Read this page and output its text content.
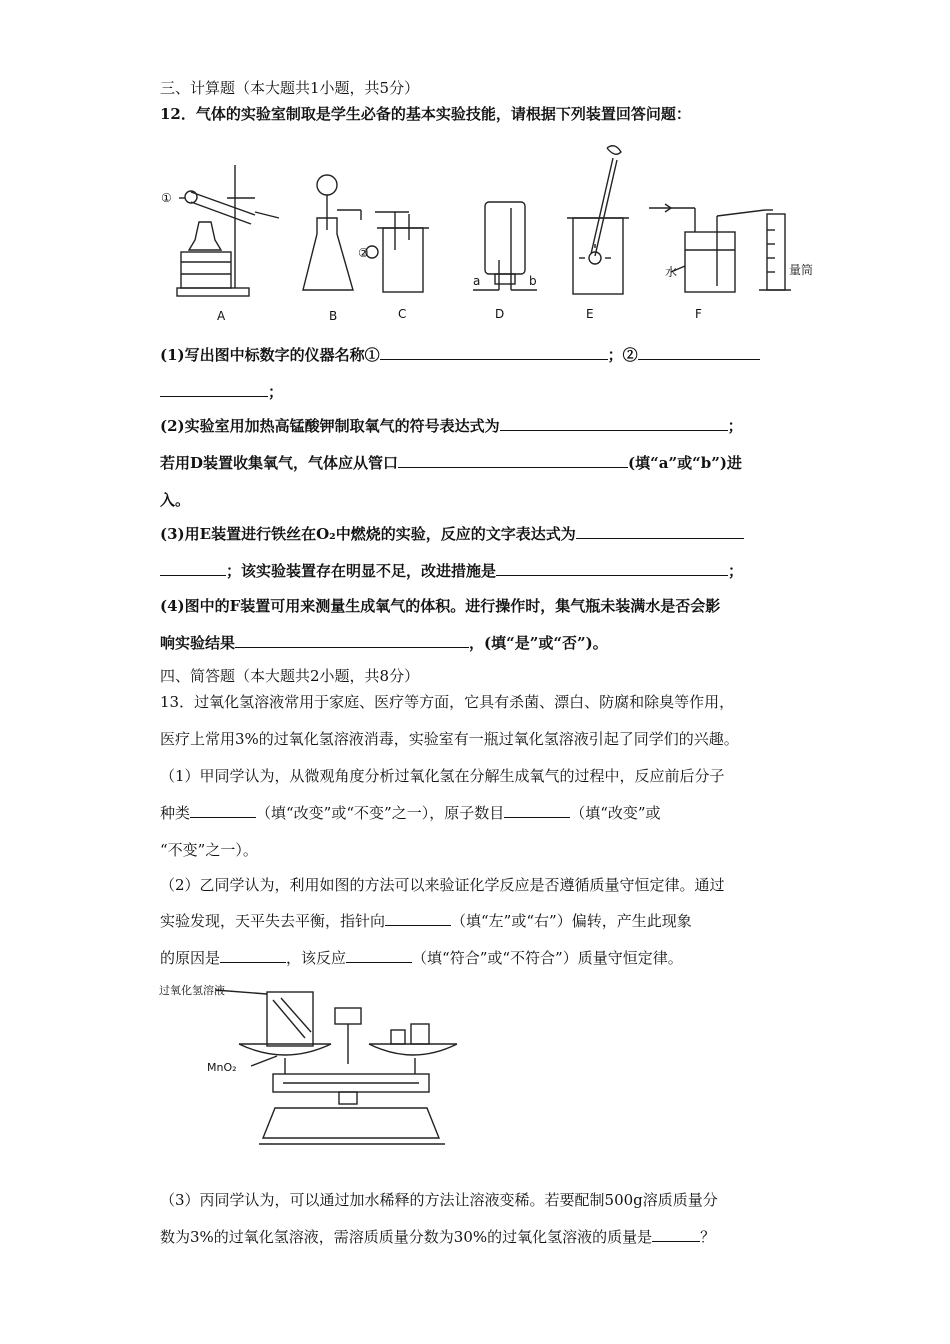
三、计算题（本大题共1小题，共5分）
12．气体的实验室制取是学生必备的基本实验技能，请根据下列装置回答问题：
①
②
a	b
水	量筒
A	B	C	D	E	F
(1)写出图中标数字的仪器名称①	；②
；
(2)实验室用加热高锰酸钾制取氧气的符号表达式为	；
若用D装置收集氧气，气体应从管口	(填“a”或“b”)进
入。
(3)用E装置进行铁丝在O₂中燃烧的实验，反应的文字表达式为
；该实验装置存在明显不足，改进措施是	；
(4)图中的F装置可用来测量生成氧气的体积。进行操作时，集气瓶未装满水是否会影
响实验结果	，(填“是”或“否”)。
四、简答题（本大题共2小题，共8分）
13．过氧化氢溶液常用于家庭、医疗等方面，它具有杀菌、漂白、防腐和除臭等作用，
医疗上常用3%的过氧化氢溶液消毒，实验室有一瓶过氧化氢溶液引起了同学们的兴趣。
（1）甲同学认为，从微观角度分析过氧化氢在分解生成氧气的过程中，反应前后分子
种类	（填“改变”或“不变”之一），原子数目	（填“改变”或
“不变”之一）。
（2）乙同学认为，利用如图的方法可以来验证化学反应是否遵循质量守恒定律。通过
实验发现，天平失去平衡，指针向	（填“左”或“右”）偏转，产生此现象
的原因是	，该反应	（填“符合”或“不符合”）质量守恒定律。
过氧化氢溶液
MnO₂
（3）丙同学认为，可以通过加水稀释的方法让溶液变稀。若要配制500g溶质质量分
数为3%的过氧化氢溶液，需溶质质量分数为30%的过氧化氢溶液的质量是	？
